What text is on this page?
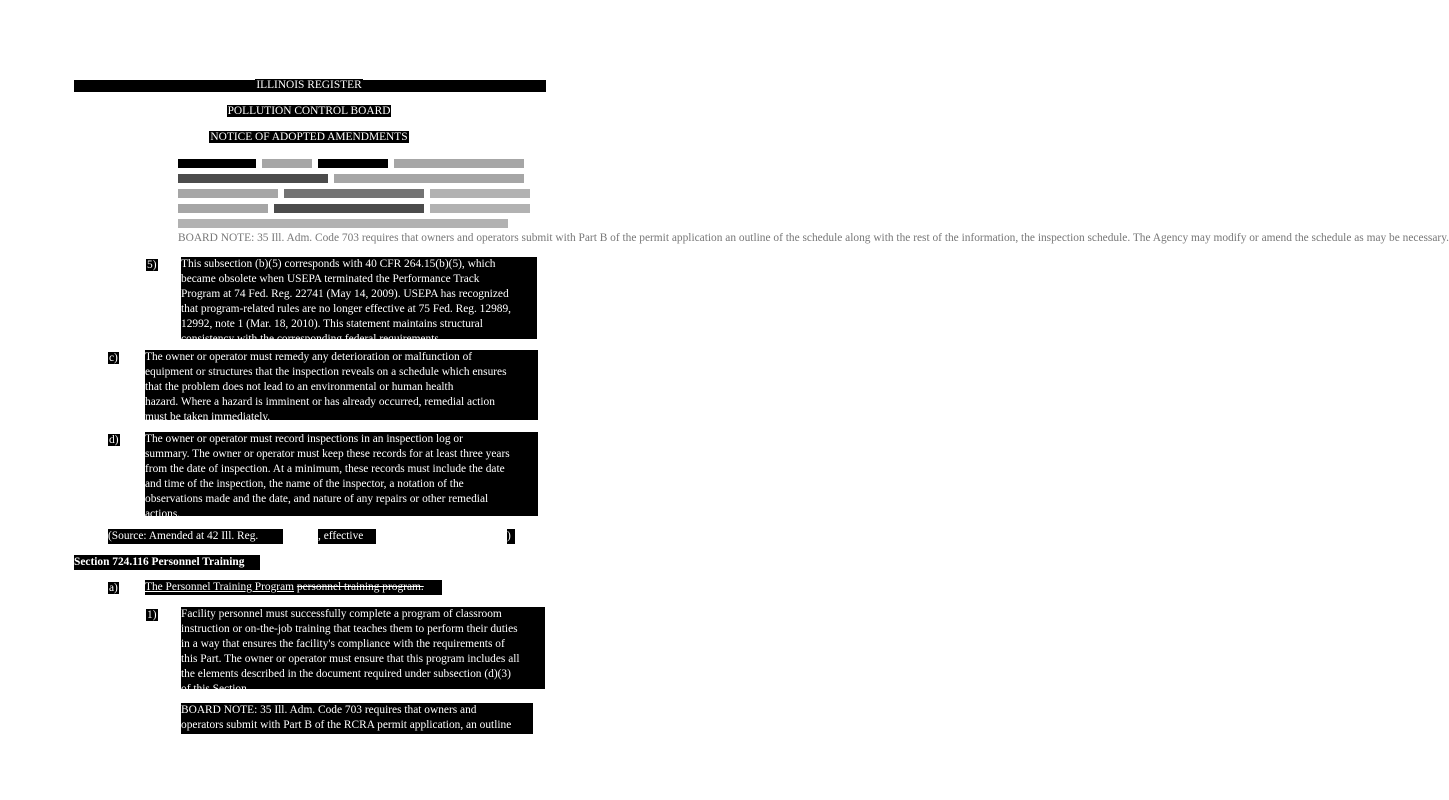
ILLINOIS REGISTER
POLLUTION CONTROL BOARD
NOTICE OF ADOPTED AMENDMENTS
BOARD NOTE: 35 Ill. Adm. Code 703 requires that owners and operators submit with Part B of the permit application an outline of the schedule along with the rest of the information, the inspection schedule. The Agency may modify or amend the schedule as may be necessary.
5) This subsection (b)(5) corresponds with 40 CFR 264.15(b)(5), which

became obsolete when USEPA terminated the Performance Track

Program at 74 Fed. Reg. 22741 (May 14, 2009). USEPA has recognized

that program-related rules are no longer effective at 75 Fed. Reg. 12989,

12992, note 1 (Mar. 18, 2010). This statement maintains structural

consistency with the corresponding federal requirements.

c) The owner or operator must remedy any deterioration or malfunction of

equipment or structures that the inspection reveals on a schedule which ensures

that the problem does not lead to an environmental or human health

hazard. Where a hazard is imminent or has already occurred, remedial action

must be taken immediately.

d) The owner or operator must record inspections in an inspection log or

summary. The owner or operator must keep these records for at least three years

from the date of inspection. At a minimum, these records must include the date

and time of the inspection, the name of the inspector, a notation of the

observations made and the date, and nature of any repairs or other remedial

actions.

(Source: Amended at 42 Ill. Reg.	, effective	)
Section 724.116 Personnel Training
a) The Personnel Training Program personnel training program.
1) Facility personnel must successfully complete a program of classroom

instruction or on-the-job training that teaches them to perform their duties

in a way that ensures the facility's compliance with the requirements of

this Part. The owner or operator must ensure that this program includes all

the elements described in the document required under subsection (d)(3)

of this Section.

BOARD NOTE: 35 Ill. Adm. Code 703 requires that owners and

operators submit with Part B of the RCRA permit application, an outline
